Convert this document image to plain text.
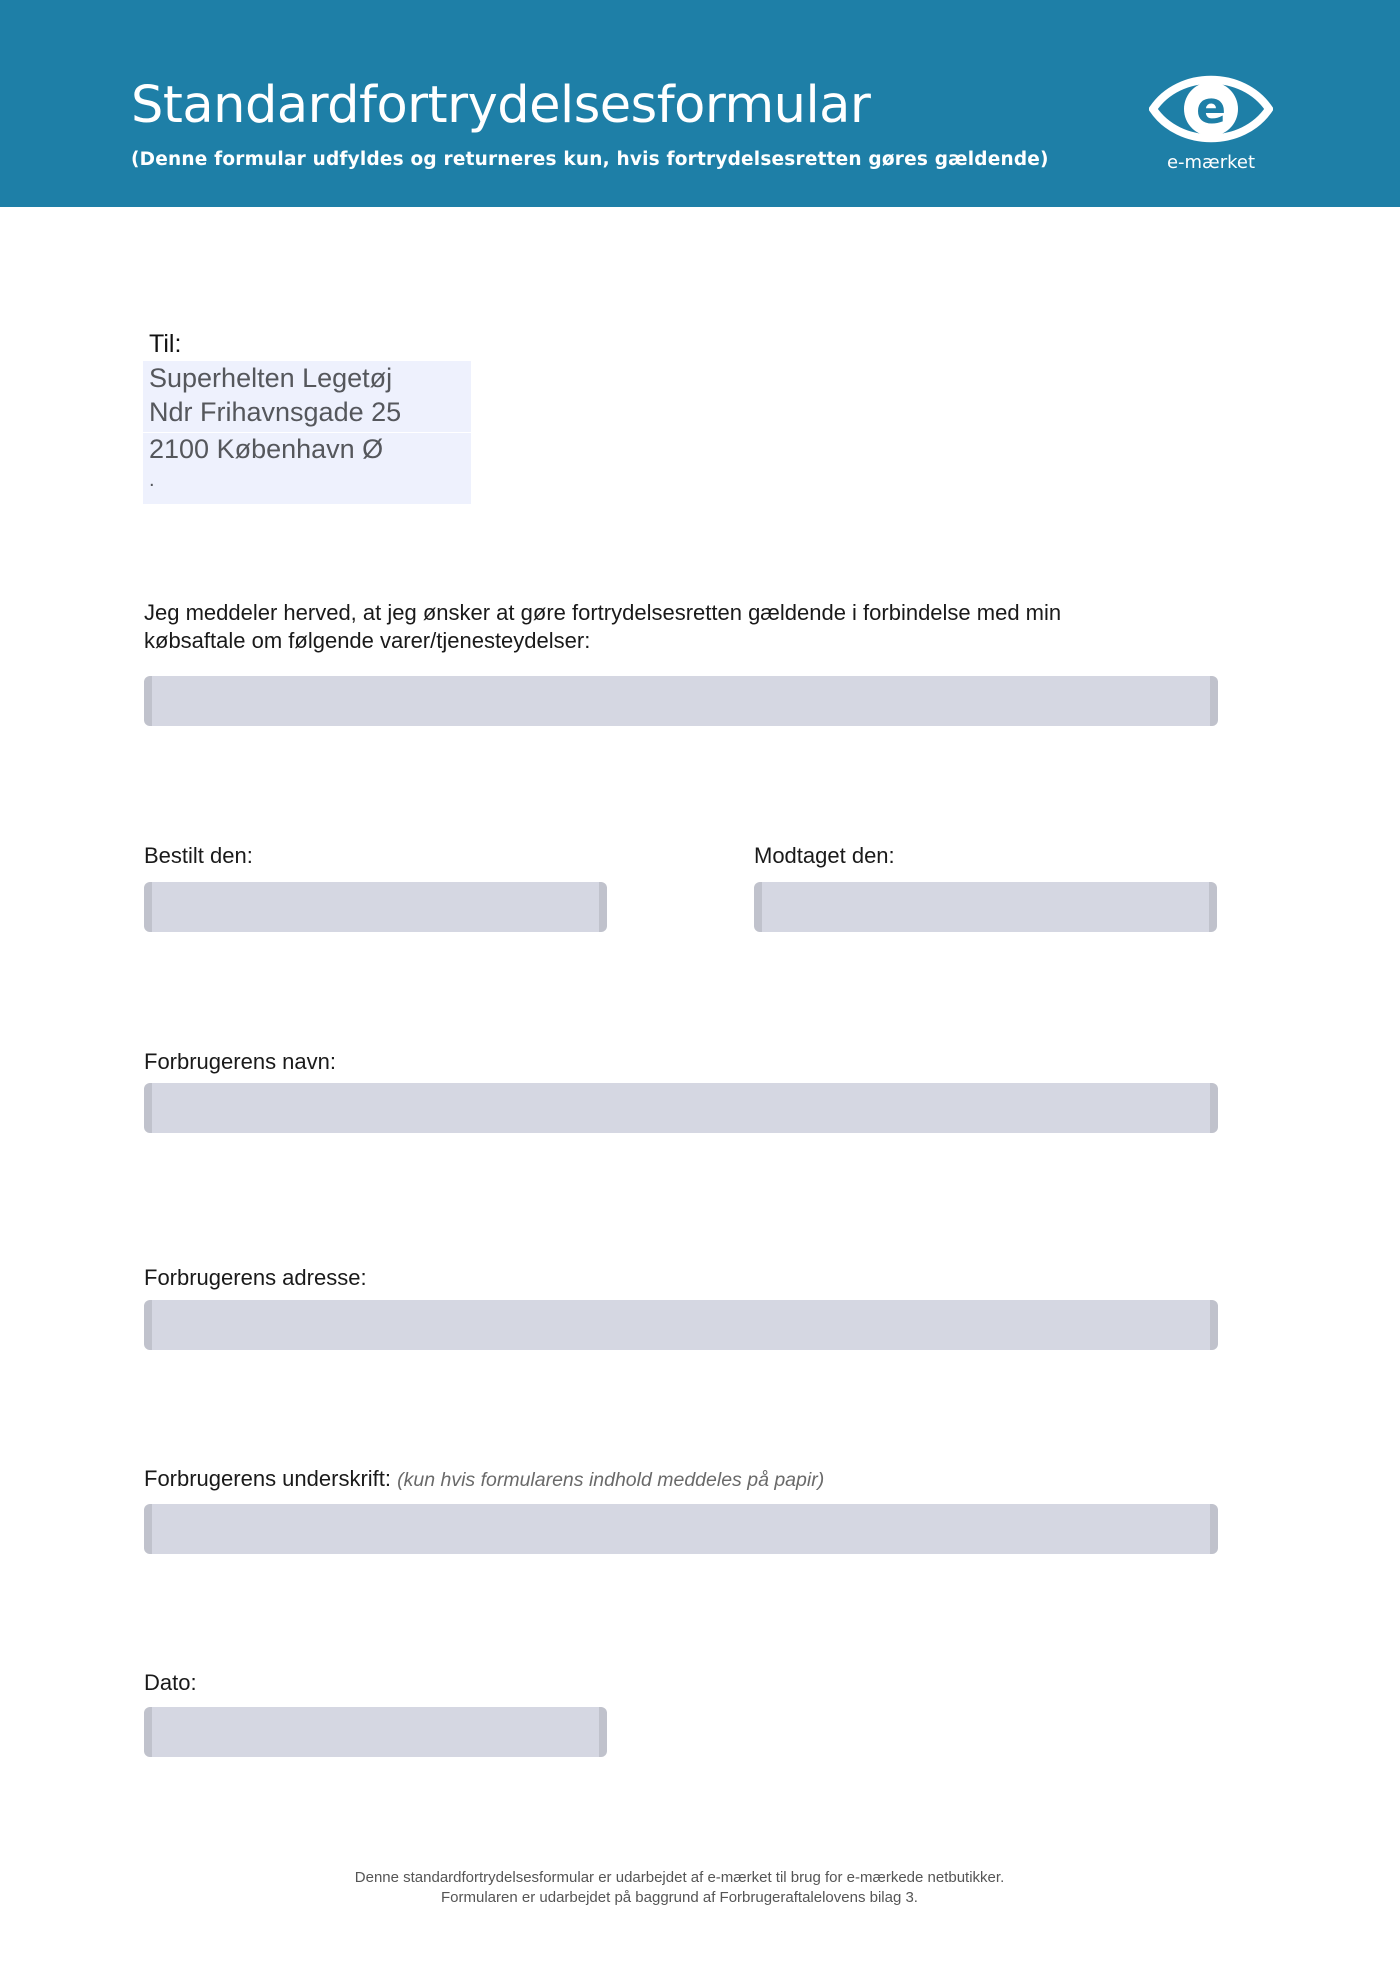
Standardfortrydelsesformular
(Denne formular udfyldes og returneres kun, hvis fortrydelsesretten gøres gældende)
e
e-mærket
Til:
Superhelten Legetøj
Ndr Frihavnsgade 25
2100 København Ø
.
Jeg meddeler herved, at jeg ønsker at gøre fortrydelsesretten gældende i forbindelse med min købsaftale om følgende varer/tjenesteydelser:
Bestilt den:	Modtaget den:
Forbrugerens navn:
Forbrugerens adresse:
Forbrugerens underskrift: (kun hvis formularens indhold meddeles på papir)
Dato:
Denne standardfortrydelsesformular er udarbejdet af e-mærket til brug for e-mærkede netbutikker.
Formularen er udarbejdet på baggrund af Forbrugeraftalelovens bilag 3.
